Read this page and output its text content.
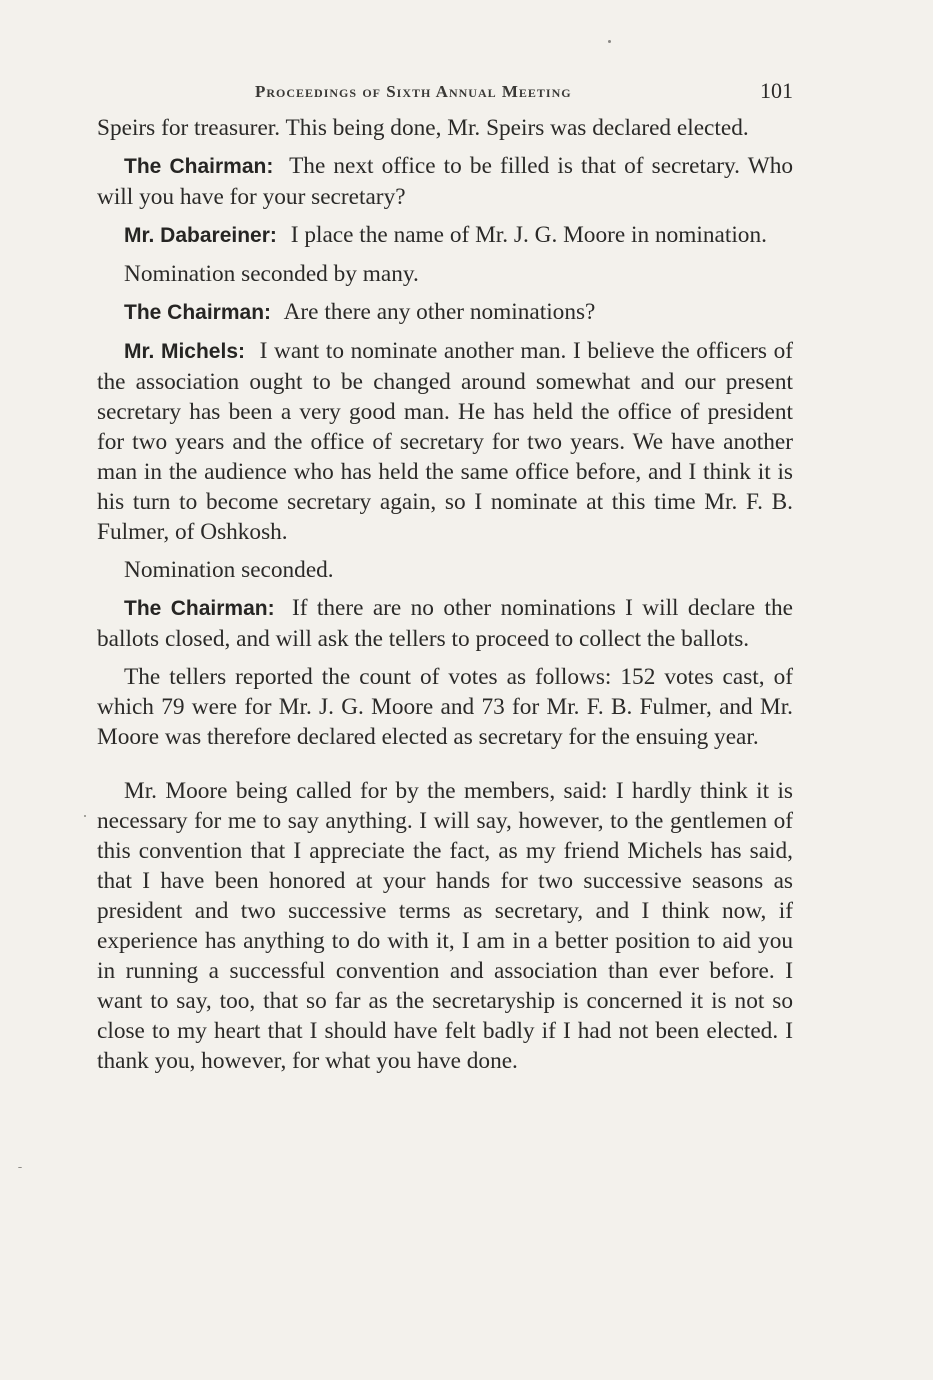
Proceedings of Sixth Annual Meeting	101

Speirs for treasurer. This being done, Mr. Speirs was declared elected.

The Chairman: The next office to be filled is that of secretary. Who will you have for your secretary?

Mr. Dabareiner: I place the name of Mr. J. G. Moore in nomination.

Nomination seconded by many.

The Chairman: Are there any other nominations?

Mr. Michels: I want to nominate another man. I believe the officers of the association ought to be changed around somewhat and our present secretary has been a very good man. He has held the office of president for two years and the office of secretary for two years. We have another man in the audience who has held the same office before, and I think it is his turn to become secretary again, so I nominate at this time Mr. F. B. Fulmer, of Oshkosh.

Nomination seconded.

The Chairman: If there are no other nominations I will declare the ballots closed, and will ask the tellers to proceed to collect the ballots.

The tellers reported the count of votes as follows: 152 votes cast, of which 79 were for Mr. J. G. Moore and 73 for Mr. F. B. Fulmer, and Mr. Moore was therefore declared elected as secretary for the ensuing year.

Mr. Moore being called for by the members, said: I hardly think it is necessary for me to say anything. I will say, however, to the gentlemen of this convention that I appreciate the fact, as my friend Michels has said, that I have been honored at your hands for two successive seasons as president and two successive terms as secretary, and I think now, if experience has anything to do with it, I am in a better position to aid you in running a successful convention and association than ever before. I want to say, too, that so far as the secretaryship is concerned it is not so close to my heart that I should have felt badly if I had not been elected. I thank you, however, for what you have done.
